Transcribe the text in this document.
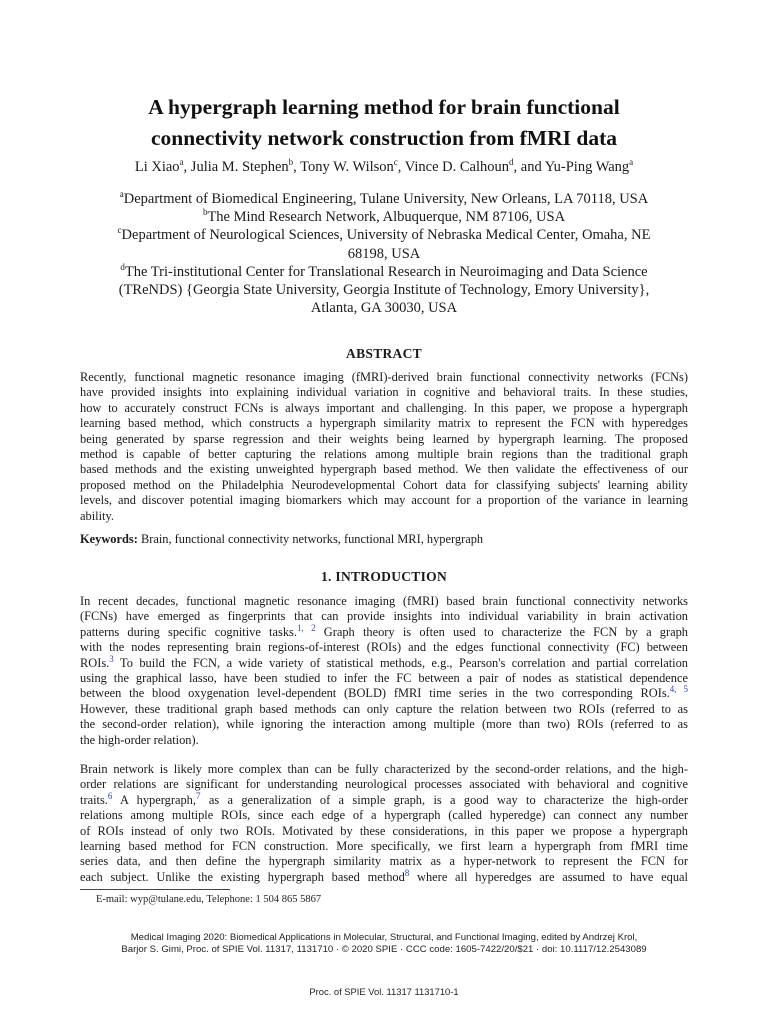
A hypergraph learning method for brain functional
connectivity network construction from fMRI data
Li Xiao$^a$, Julia M. Stephen$^b$, Tony W. Wilson$^c$, Vince D. Calhoun$^d$, and Yu-Ping Wang$^a$
$^a$Department of Biomedical Engineering, Tulane University, New Orleans, LA 70118, USA
$^b$The Mind Research Network, Albuquerque, NM 87106, USA
$^c$Department of Neurological Sciences, University of Nebraska Medical Center, Omaha, NE
68198, USA
$^d$The Tri-institutional Center for Translational Research in Neuroimaging and Data Science
(TReNDS) {Georgia State University, Georgia Institute of Technology, Emory University},
Atlanta, GA 30030, USA
ABSTRACT
Recently, functional magnetic resonance imaging (fMRI)-derived brain functional connectivity networks (FCNs)
have provided insights into explaining individual variation in cognitive and behavioral traits. In these studies,
how to accurately construct FCNs is always important and challenging. In this paper, we propose a hypergraph
learning based method, which constructs a hypergraph similarity matrix to represent the FCN with hyperedges
being generated by sparse regression and their weights being learned by hypergraph learning. The proposed
method is capable of better capturing the relations among multiple brain regions than the traditional graph
based methods and the existing unweighted hypergraph based method. We then validate the effectiveness of our
proposed method on the Philadelphia Neurodevelopmental Cohort data for classifying subjects' learning ability
levels, and discover potential imaging biomarkers which may account for a proportion of the variance in learning
ability.
Keywords: Brain, functional connectivity networks, functional MRI, hypergraph
1. INTRODUCTION
In recent decades, functional magnetic resonance imaging (fMRI) based brain functional connectivity networks
(FCNs) have emerged as fingerprints that can provide insights into individual variability in brain activation
patterns during specific cognitive tasks.$^{1, 2}$ Graph theory is often used to characterize the FCN by a graph
with the nodes representing brain regions-of-interest (ROIs) and the edges functional connectivity (FC) between
ROIs.$^3$ To build the FCN, a wide variety of statistical methods, e.g., Pearson's correlation and partial correlation
using the graphical lasso, have been studied to infer the FC between a pair of nodes as statistical dependence
between the blood oxygenation level-dependent (BOLD) fMRI time series in the two corresponding ROIs.$^{4, 5}$
However, these traditional graph based methods can only capture the relation between two ROIs (referred to as
the second-order relation), while ignoring the interaction among multiple (more than two) ROIs (referred to as
the high-order relation).
Brain network is likely more complex than can be fully characterized by the second-order relations, and the high-
order relations are significant for understanding neurological processes associated with behavioral and cognitive
traits.$^6$ A hypergraph,$^7$ as a generalization of a simple graph, is a good way to characterize the high-order
relations among multiple ROIs, since each edge of a hypergraph (called hyperedge) can connect any number
of ROIs instead of only two ROIs. Motivated by these considerations, in this paper we propose a hypergraph
learning based method for FCN construction. More specifically, we first learn a hypergraph from fMRI time
series data, and then define the hypergraph similarity matrix as a hyper-network to represent the FCN for
each subject. Unlike the existing hypergraph based method$^8$ where all hyperedges are assumed to have equal
E-mail: wyp@tulane.edu, Telephone: 1 504 865 5867
Medical Imaging 2020: Biomedical Applications in Molecular, Structural, and Functional Imaging, edited by Andrzej Krol,
Barjor S. Gimi, Proc. of SPIE Vol. 11317, 1131710 · © 2020 SPIE · CCC code: 1605-7422/20/$21 · doi: 10.1117/12.2543089
Proc. of SPIE Vol. 11317 1131710-1
